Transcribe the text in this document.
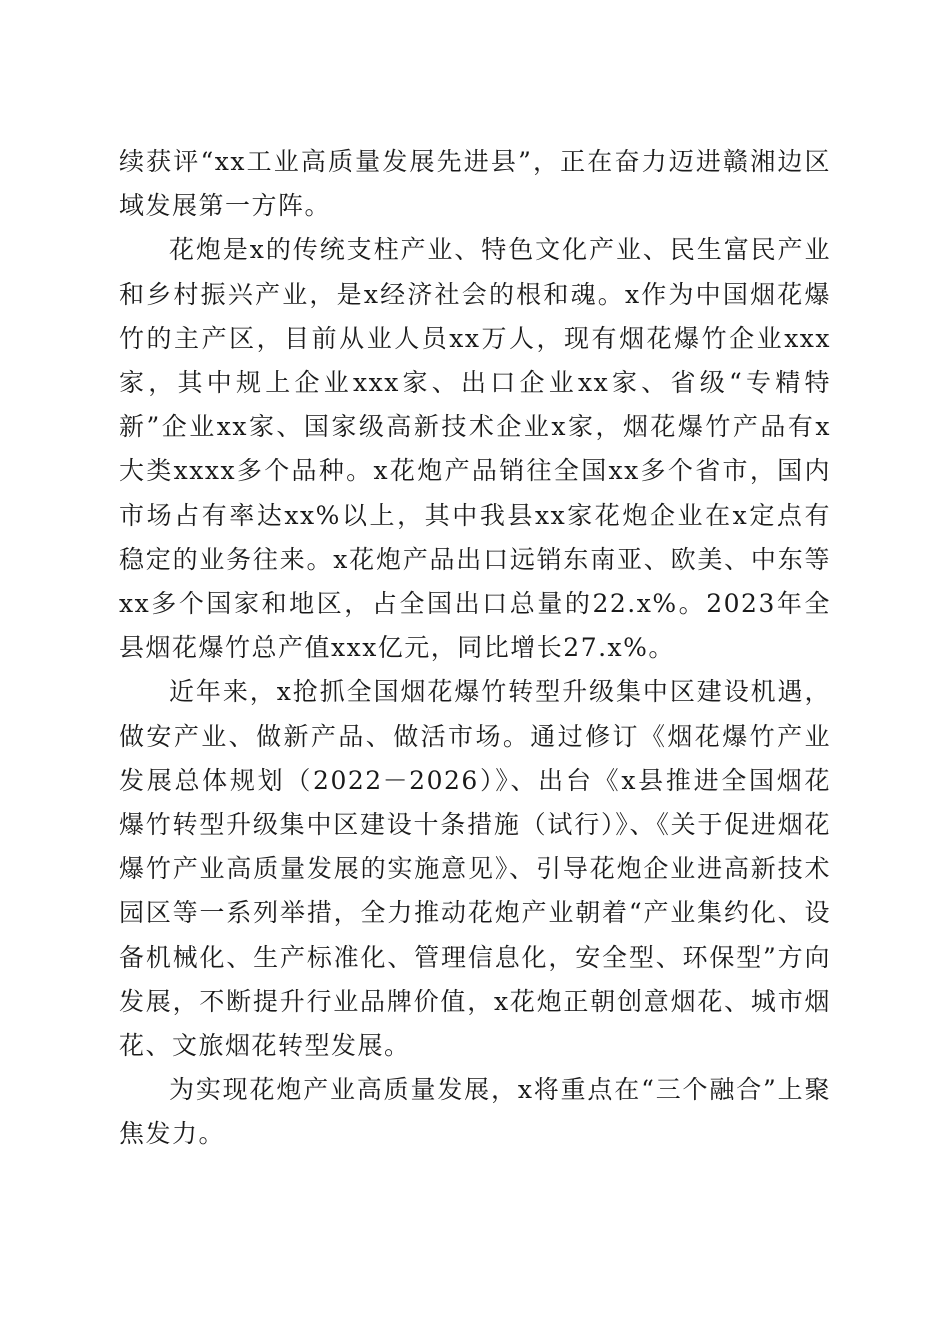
续获评“xx工业高质量发展先进县”，正在奋力迈进赣湘边区域发展第一方阵。

花炮是x的传统支柱产业、特色文化产业、民生富民产业和乡村振兴产业，是x经济社会的根和魂。x作为中国烟花爆竹的主产区，目前从业人员xx万人，现有烟花爆竹企业xxx家，其中规上企业xxx家、出口企业xx家、省级“专精特新”企业xx家、国家级高新技术企业x家，烟花爆竹产品有x大类xxxx多个品种。x花炮产品销往全国xx多个省市，国内市场占有率达xx%以上，其中我县xx家花炮企业在x定点有稳定的业务往来。x花炮产品出口远销东南亚、欧美、中东等xx多个国家和地区，占全国出口总量的22.x%。2023年全县烟花爆竹总产值xxx亿元，同比增长27.x%。

近年来，x抢抓全国烟花爆竹转型升级集中区建设机遇，做安产业、做新产品、做活市场。通过修订《烟花爆竹产业发展总体规划（2022－2026）》、出台《x县推进全国烟花爆竹转型升级集中区建设十条措施（试行）》、《关于促进烟花爆竹产业高质量发展的实施意见》、引导花炮企业进高新技术园区等一系列举措，全力推动花炮产业朝着“产业集约化、设备机械化、生产标准化、管理信息化，安全型、环保型”方向发展，不断提升行业品牌价值，x花炮正朝创意烟花、城市烟花、文旅烟花转型发展。

为实现花炮产业高质量发展，x将重点在“三个融合”上聚焦发力。
